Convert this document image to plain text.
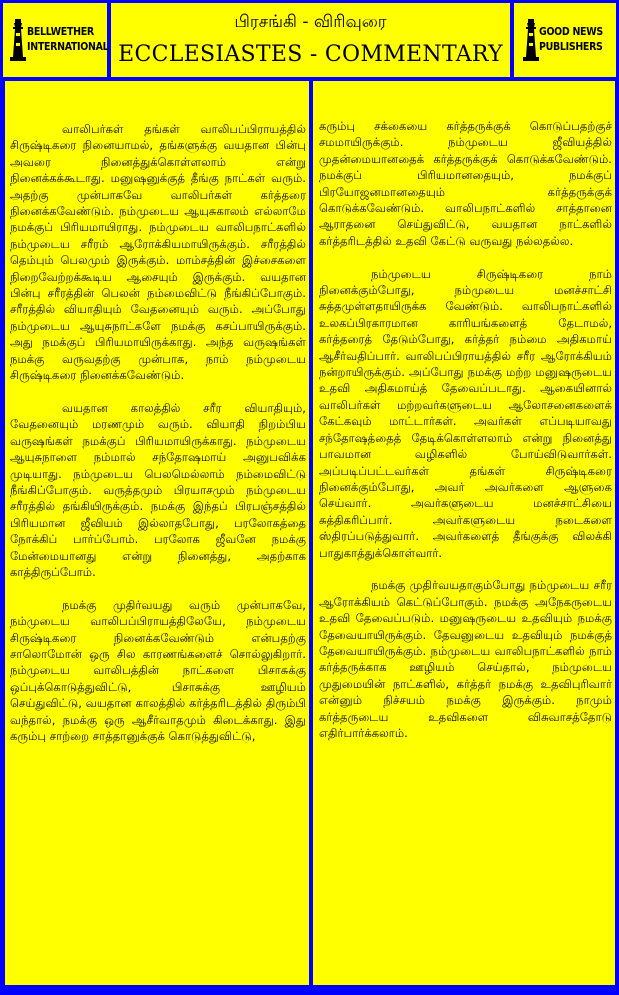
BELLWETHER
INTERNATIONAL
பிரசங்கி - விரிவுரை
ECCLESIASTES - COMMENTARY
GOOD NEWS
PUBLISHERS

வாலிபர்கள் தங்கள் வாலிபப்பிராயத்தில் சிருஷ்டிகரை நினையாமல், தங்களுக்கு வயதான பின்பு அவரை நினைத்துக்கொள்ளலாம் என்று நினைக்கக்கூடாது. மனுஷனுக்குத் தீங்கு நாட்கள் வரும். அதற்கு முன்பாகவே வாலிபர்கள் கர்த்தரை நினைக்கவேண்டும். நம்முடைய ஆயுசுகாலம் எல்லாமே நமக்குப் பிரியமாயிராது. நம்முடைய வாலிபநாட்களில் நம்முடைய சரீரம் ஆரோக்கியமாயிருக்கும். சரீரத்தில் தெம்பும் பெலமும் இருக்கும். மாம்சத்தின் இச்சைகளை நிறைவேற்றக்கூடிய ஆசையும் இருக்கும். வயதான பின்பு சரீரத்தின் பெலன் நம்மைவிட்டு நீங்கிப்போகும். சரீரத்தில் வியாதியும் வேதனையும் வரும். அப்போது நம்முடைய ஆயுசுநாட்களே நமக்கு கசப்பாயிருக்கும். அது நமக்குப் பிரியமாயிருக்காது. அந்த வருஷங்கள் நமக்கு வருவதற்கு முன்பாக, நாம் நம்முடைய சிருஷ்டிகரை நினைக்கவேண்டும்.

வயதான காலத்தில் சரீர வியாதியும், வேதனையும் மரணமும் வரும். வியாதி நிறம்பிய வருஷங்கள் நமக்குப் பிரியமாயிருக்காது. நம்முடைய ஆயுசுநாளை நம்மால் சந்தோஷமாய் அனுபவிக்க முடியாது. நம்முடைய பெலமெல்லாம் நம்மைவிட்டு நீங்கிப்போகும். வருத்தமும் பிரயாசமும் நம்முடைய சரீரத்தில் தங்கியிருக்கும். நமக்கு இந்தப் பிரபஞ்சத்தில் பிரியமான ஜீவியம் இல்லாதபோது, பரலோகத்தை நோக்கிப் பார்ப்போம். பரலோக ஜீவனே நமக்கு மேன்மையானது என்று நினைத்து, அதற்காக காத்திருப்போம்.

நமக்கு முதிர்வயது வரும் முன்பாகவே, நம்முடைய வாலிபப்பிராயத்திலேயே, நம்முடைய சிருஷ்டிகரை நினைக்கவேண்டும் என்பதற்கு சாலொமோன் ஒரு சில காரணங்களைச் சொல்லுகிறார். நம்முடைய வாலிபத்தின் நாட்களை பிசாசுக்கு ஒப்புக்கொடுத்துவிட்டு, பிசாசுக்கு ஊழியம் செய்துவிட்டு, வயதான காலத்தில் கர்த்தரிடத்தில் திரும்பி வந்தால், நமக்கு ஒரு ஆசீர்வாதமும் கிடைக்காது. இது கரும்பு சாற்றை சாத்தானுக்குக் கொடுத்துவிட்டு,

கரும்பு சக்கையை கர்த்தருக்குக் கொடுப்பதற்குச் சமமாயிருக்கும். நம்முடைய ஜீவியத்தில் முதன்மையானதைக் கர்த்தருக்குக் கொடுக்கவேண்டும். நமக்குப் பிரியமானதையும், நமக்குப் பிரயோஜனமானதையும் கர்த்தருக்குக் கொடுக்கவேண்டும். வாலிபநாட்களில் சாத்தானை ஆராதனை செய்துவிட்டு, வயதான நாட்களில் கர்த்தரிடத்தில் உதவி கேட்டு வருவது நல்லதல்ல.

நம்முடைய சிருஷ்டிகரை நாம் நினைக்கும்போது, நம்முடைய மனச்சாட்சி சுத்தமுள்ளதாயிருக்க வேண்டும். வாலிபநாட்களில் உலகப்பிரகாரமான காரியங்களைத் தேடாமல், கர்த்தரைத் தேடும்போது, கர்த்தர் நம்மை அதிகமாய் ஆசீர்வதிப்பார். வாலிபப்பிராயத்தில் சரீர ஆரோக்கியம் நன்றாயிருக்கும். அப்போது நமக்கு மற்ற மனுஷருடைய உதவி அதிகமாய்த் தேவைப்படாது. ஆகையினால் வாலிபர்கள் மற்றவர்களுடைய ஆலோசனைகளைக் கேட்கவும் மாட்டார்கள். அவர்கள் எப்படியாவது சந்தோஷத்தைத் தேடிக்கொள்ளலாம் என்று நினைத்து பாவமான வழிகளில் போய்விடுவார்கள். அப்படிப்பட்டவர்கள் தங்கள் சிருஷ்டிகரை நினைக்கும்போது, அவர் அவர்களை ஆளுகை செய்வார். அவர்களுடைய மனச்சாட்சியை சுத்திகரிப்பார். அவர்களுடைய நடைகளை ஸ்திரப்படுத்துவார். அவர்களைத் தீங்குக்கு விலக்கி பாதுகாத்துக்கொள்வார்.

நமக்கு முதிர்வயதாகும்போது நம்முடைய சரீர ஆரோக்கியம் கெட்டுப்போகும். நமக்கு அநேகருடைய உதவி தேவைப்படும். மனுஷருடைய உதவியும் நமக்கு தேவையாயிருக்கும். தேவனுடைய உதவியும் நமக்குத் தேவையாயிருக்கும். நம்முடைய வாலிபநாட்களில் நாம் கர்த்தருக்காக ஊழியம் செய்தால், நம்முடைய முதுமையின் நாட்களில், கர்த்தர் நமக்கு உதவிபுரிவார் என்னும் நிச்சயம் நமக்கு இருக்கும். நாமும் கர்த்தருடைய உதவிகளை விசுவாசத்தோடு எதிர்பார்க்கலாம்.
